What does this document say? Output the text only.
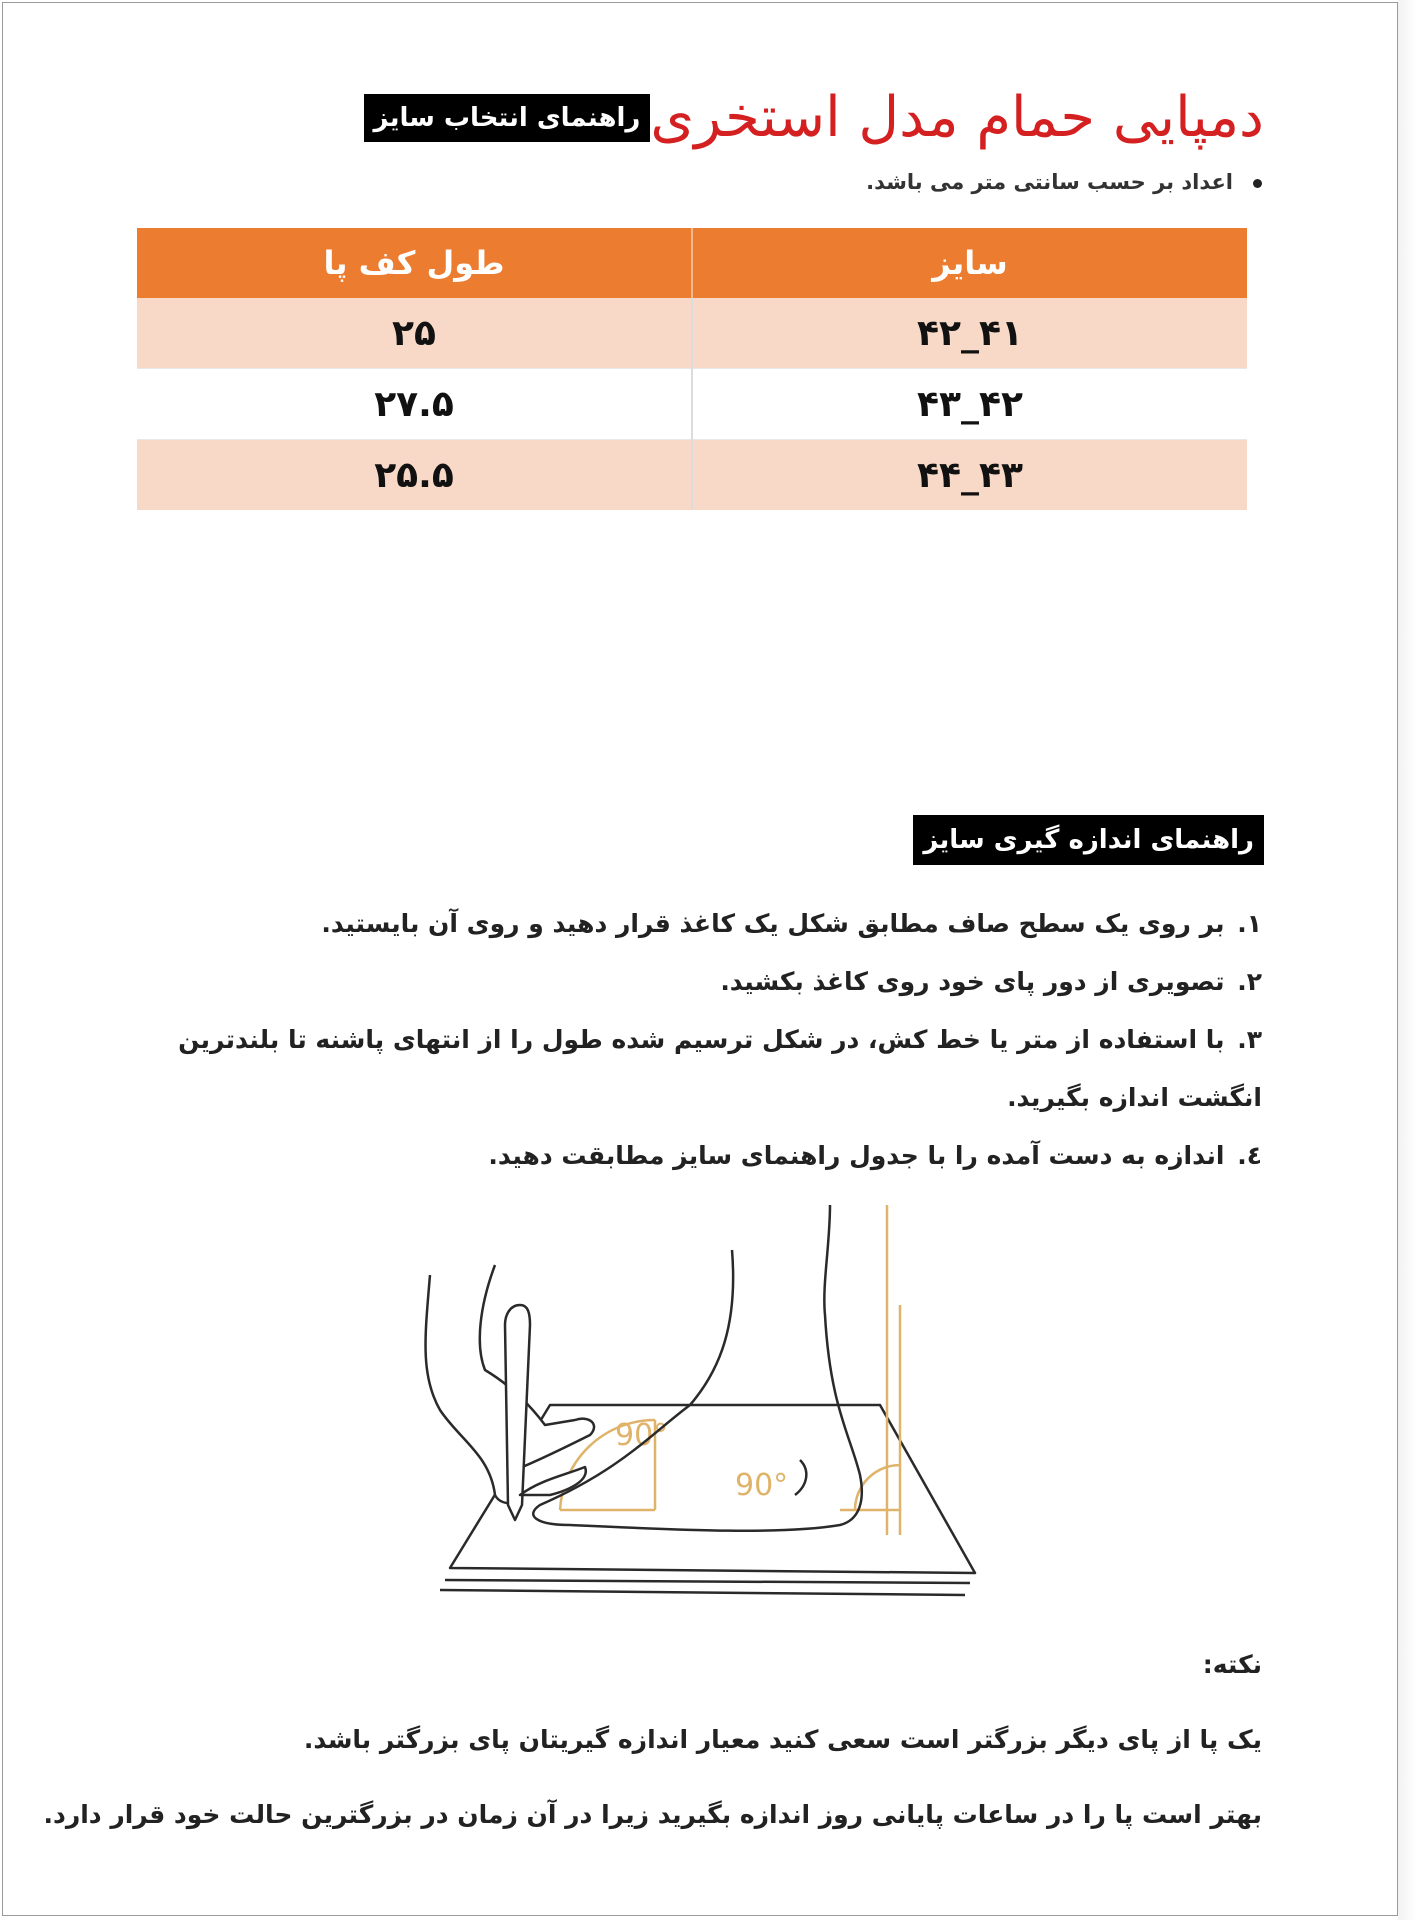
راهنمای انتخاب سایز دمپایی حمام مدل استخری
اعداد بر حسب سانتی متر می باشد.
سایز	طول کف پا
۴۱_۴۲	۲۵
۴۲_۴۳	۲۷.۵
۴۳_۴۴	۲۵.۵
راهنمای اندازه گیری سایز
۱. بر روی یک سطح صاف مطابق شکل یک کاغذ قرار دهید و روی آن بایستید.
۲. تصویری از دور پای خود روی کاغذ بکشید.
۳. با استفاده از متر یا خط کش، در شکل ترسیم شده طول را از انتهای پاشنه تا بلندترین انگشت اندازه بگیرید.
٤. اندازه به دست آمده را با جدول راهنمای سایز مطابقت دهید.
90°
90°
نکته:
یک پا از پای دیگر بزرگتر است سعی کنید معیار اندازه گیریتان پای بزرگتر باشد.
بهتر است پا را در ساعات پایانی روز اندازه بگیرید زیرا در آن زمان در بزرگترین حالت خود قرار دارد.
